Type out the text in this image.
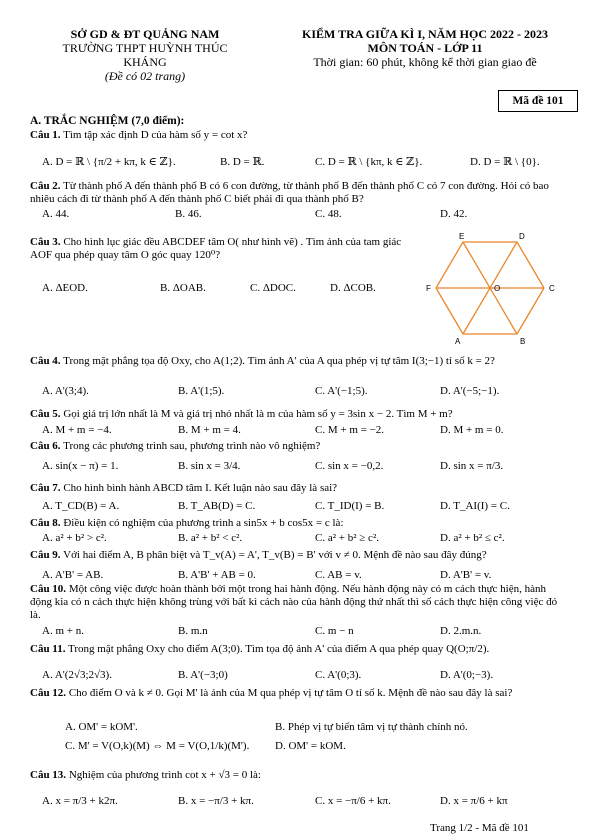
SỞ GD & ĐT QUẢNG NAM
TRƯỜNG THPT HUỲNH THÚC
KHÁNG
(Đề có 02 trang)
KIỂM TRA GIỮA KÌ I, NĂM HỌC 2022 - 2023
MÔN TOÁN - LỚP 11
Thời gian: 60 phút, không kể thời gian giao đề
Mã đề 101
A. TRẮC NGHIỆM (7,0 điểm):
Câu 1. Tìm tập xác định D của hàm số y = cot x?
A. D = ℝ \ {π/2 + kπ, k ∈ ℤ}.	B. D = ℝ.	C. D = ℝ \ {kπ, k ∈ ℤ}.	D. D = ℝ \ {0}.
Câu 2. Từ thành phố A đến thành phố B có 6 con đường, từ thành phố B đến thành phố C có 7 con đường. Hỏi có bao nhiêu cách đi từ thành phố A đến thành phố C biết phải đi qua thành phố B?
A. 44.	B. 46.	C. 48.	D. 42.
Câu 3. Cho hình lục giác đều ABCDEF tâm O( như hình vẽ) . Tìm ảnh của tam giác AOF qua phép quay tâm O góc quay 120⁰?
A. ΔEOD.	B. ΔOAB.	C. ΔDOC.	D. ΔCOB.
E	D
F	O	C
A	B
Câu 4. Trong mặt phẳng tọa độ Oxy, cho A(1;2). Tìm ảnh A' của A qua phép vị tự tâm I(3;−1) tỉ số k = 2?
A. A'(3;4).	B. A'(1;5).	C. A'(−1;5).	D. A'(−5;−1).
Câu 5. Gọi giá trị lớn nhất là M và giá trị nhỏ nhất là m của hàm số y = 3sin x − 2. Tìm M + m?
A. M + m = −4.	B. M + m = 4.	C. M + m = −2.	D. M + m = 0.
Câu 6. Trong các phương trình sau, phương trình nào vô nghiệm?
A. sin(x − π) = 1.	B. sin x = 3/4.	C. sin x = −0,2.	D. sin x = π/3.
Câu 7. Cho hình bình hành ABCD tâm I. Kết luận nào sau đây là sai?
A. T_CD(B) = A.	B. T_AB(D) = C.	C. T_ID(I) = B.	D. T_AI(I) = C.
Câu 8. Điều kiện có nghiệm của phương trình a sin5x + b cos5x = c là:
A. a² + b² > c².	B. a² + b² < c².	C. a² + b² ≥ c².	D. a² + b² ≤ c².
Câu 9. Với hai điểm A, B phân biệt và T_v(A) = A', T_v(B) = B' với v ≠ 0. Mệnh đề nào sau đây đúng?
A. A'B' = AB.	B. A'B' + AB = 0.	C. AB = v.	D. A'B' = v.
Câu 10. Một công việc được hoàn thành bởi một trong hai hành động. Nếu hành động này có m cách thực hiện, hành động kia có n cách thực hiện không trùng với bất kì cách nào của hành động thứ nhất thì số cách thực hiện công việc đó là.
A. m + n.	B. m.n	C. m − n	D. 2.m.n.
Câu 11. Trong mặt phẳng Oxy cho điểm A(3;0). Tìm tọa độ ảnh A' của điểm A qua phép quay Q(O;π/2).
A. A'(2√3;2√3).	B. A'(−3;0)	C. A'(0;3).	D. A'(0;−3).
Câu 12. Cho điểm O và k ≠ 0. Gọi M' là ảnh của M qua phép vị tự tâm O tỉ số k. Mệnh đề nào sau đây là sai?
A. OM' = kOM'.	B. Phép vị tự biến tâm vị tự thành chính nó.
C. M' = V(O,k)(M) ⇔ M = V(O,1/k)(M'). D. OM' = kOM.
Câu 13. Nghiệm của phương trình cot x + √3 = 0 là:
A. x = π/3 + k2π.	B. x = −π/3 + kπ.	C. x = −π/6 + kπ.	D. x = π/6 + kπ
Trang 1/2 - Mã đề 101
